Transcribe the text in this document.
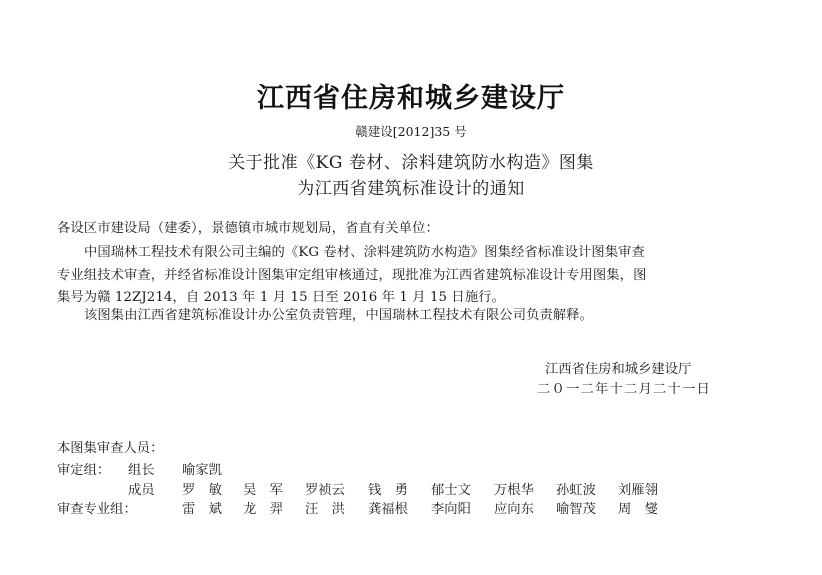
江西省住房和城乡建设厅
赣建设[2012]35 号
关于批准《KG 卷材、涂料建筑防水构造》图集
为江西省建筑标准设计的通知
各设区市建设局（建委），景德镇市城市规划局，省直有关单位：
中国瑞林工程技术有限公司主编的《KG 卷材、涂料建筑防水构造》图集经省标准设计图集审查
专业组技术审查，并经省标准设计图集审定组审核通过，现批准为江西省建筑标准设计专用图集，图
集号为赣 12ZJ214，自 2013 年 1 月 15 日至 2016 年 1 月 15 日施行。
该图集由江西省建筑标准设计办公室负责管理，中国瑞林工程技术有限公司负责解释。
江西省住房和城乡建设厅
二０一二年十二月二十一日
本图集审查人员：
审定组： 组长 喻家凯
成员 罗　敏 吴　军 罗祯云 钱　勇 郁士文 万根华 孙虹波 刘雁翎
审查专业组：	雷　斌 龙　羿 汪　洪 龚福根 李向阳 应向东 喻智茂 周　燮
